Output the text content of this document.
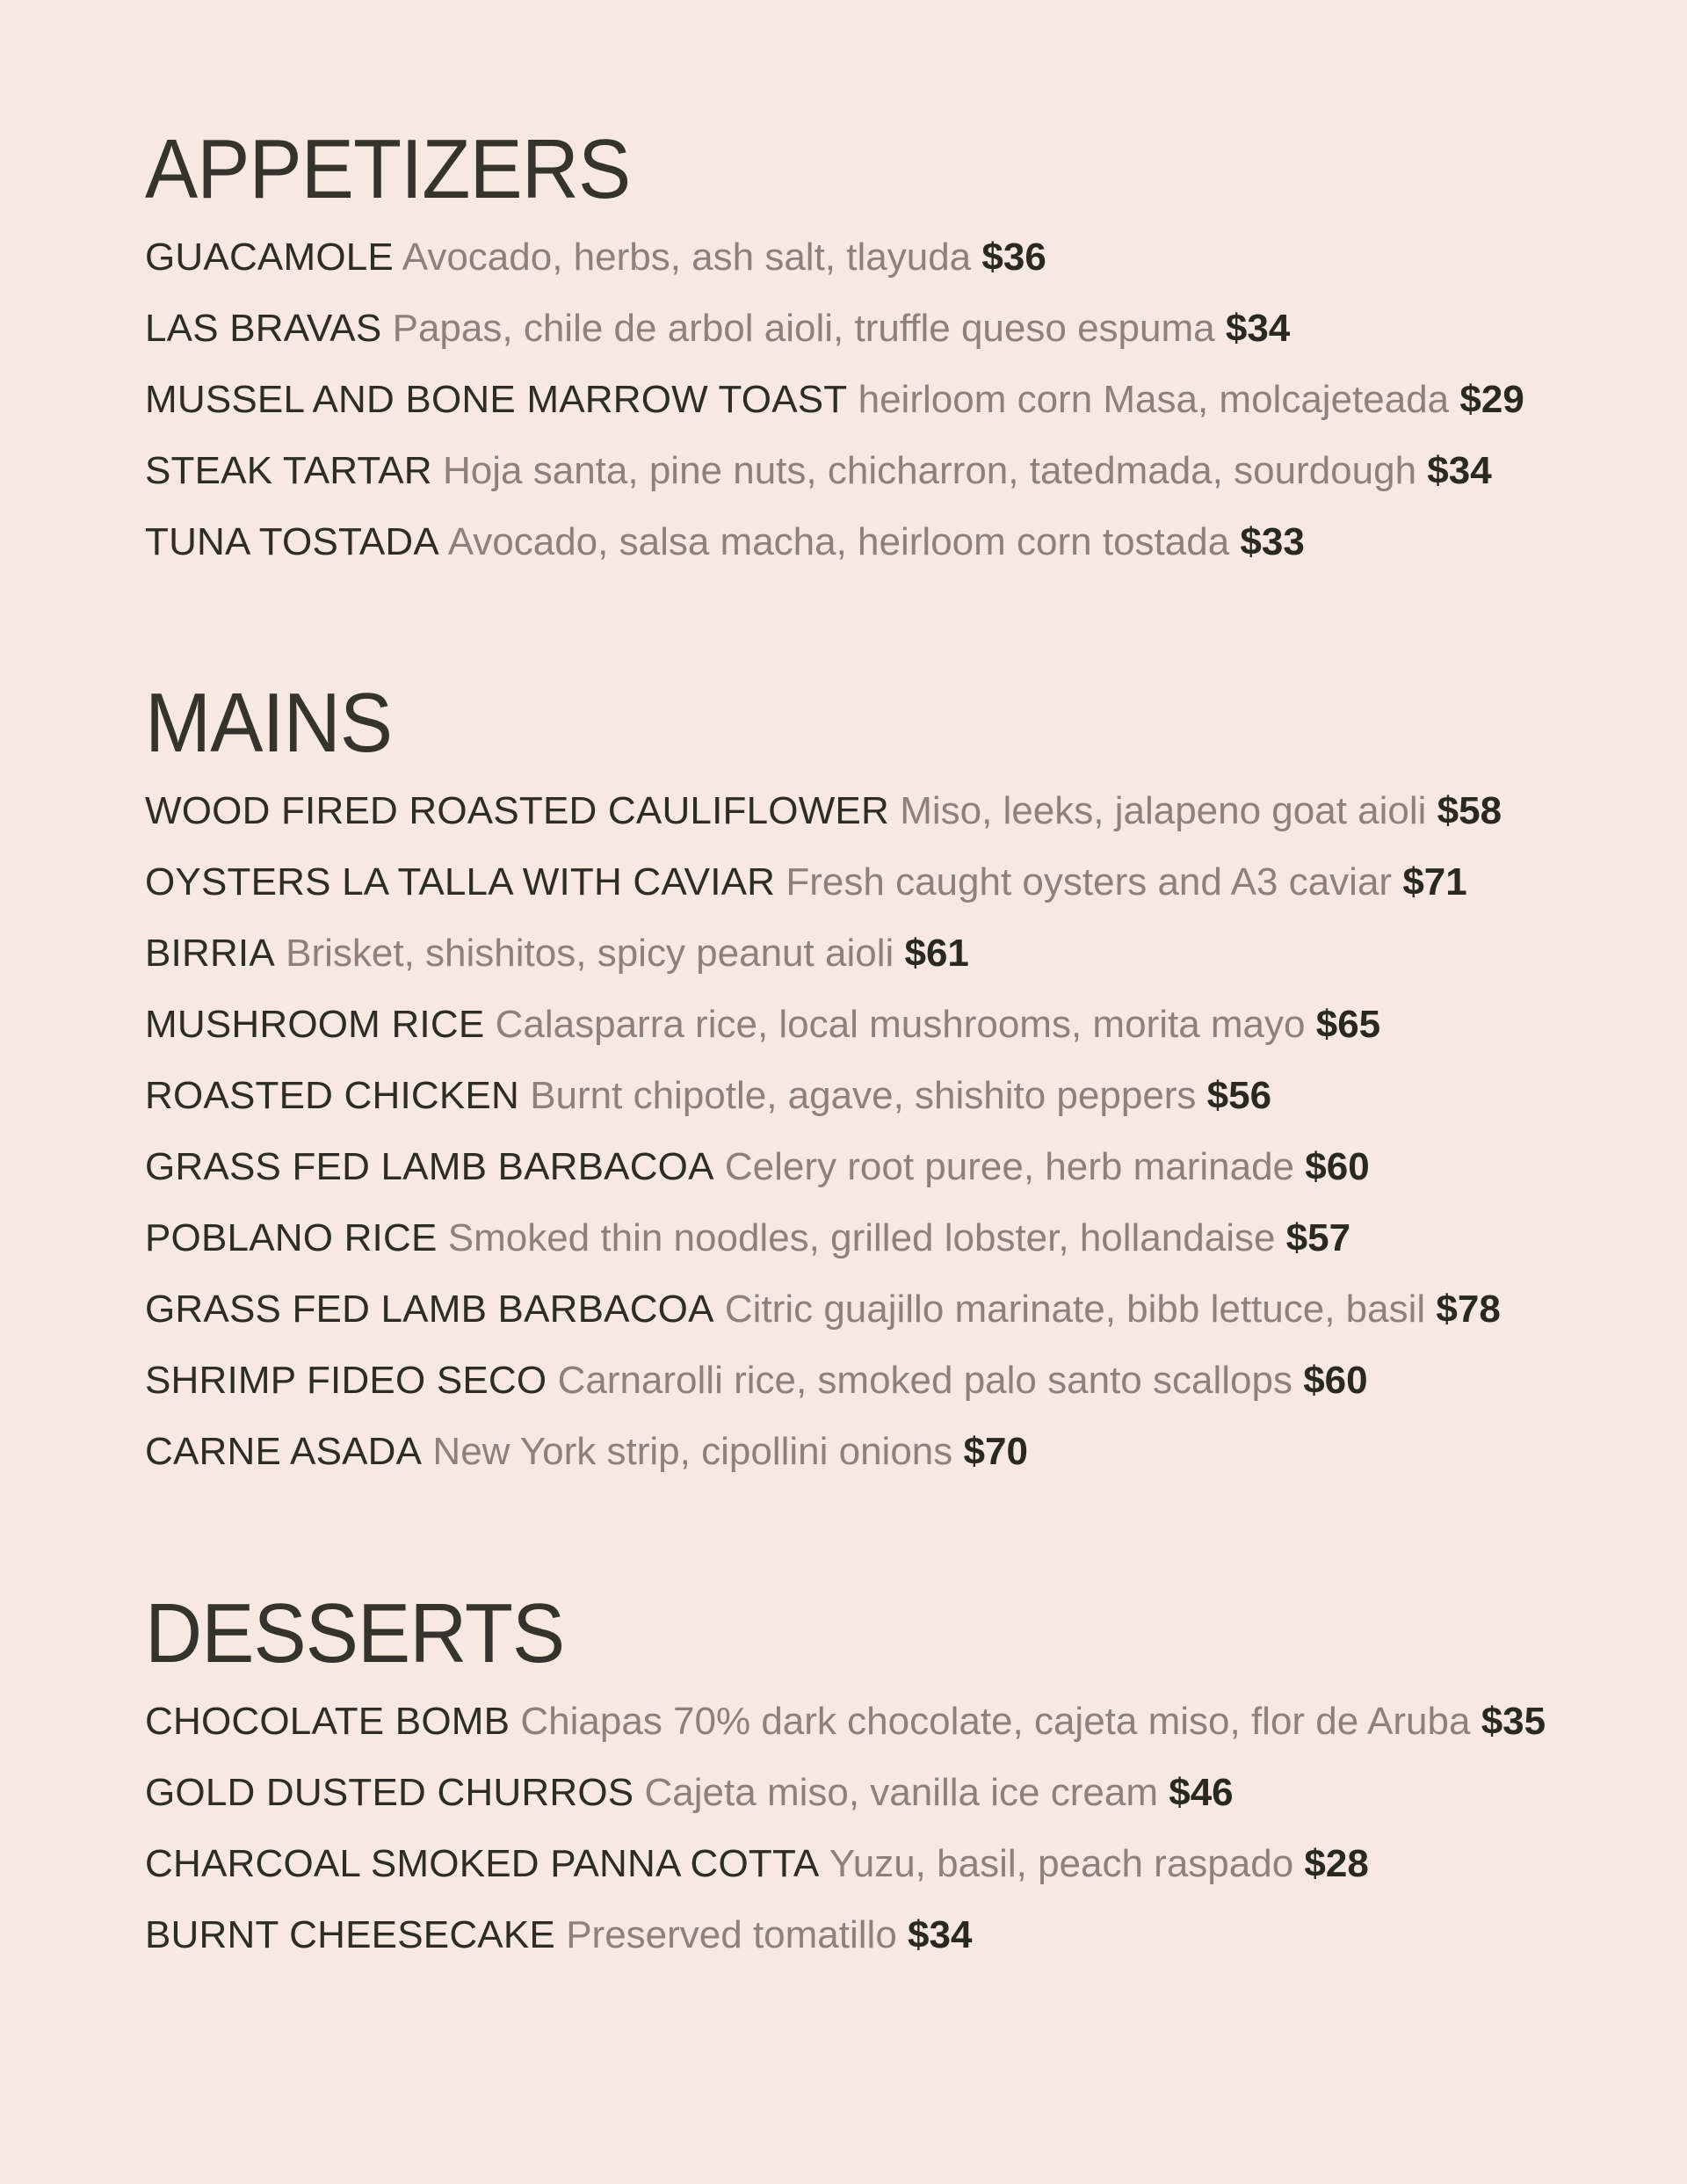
APPETIZERS
GUACAMOLE Avocado, herbs, ash salt, tlayuda $36
LAS BRAVAS Papas, chile de arbol aioli, truffle queso espuma $34
MUSSEL AND BONE MARROW TOAST heirloom corn Masa, molcajeteada $29
STEAK TARTAR Hoja santa, pine nuts, chicharron, tatedmada, sourdough $34
TUNA TOSTADA Avocado, salsa macha, heirloom corn tostada $33
MAINS
WOOD FIRED ROASTED CAULIFLOWER Miso, leeks, jalapeno goat aioli $58
OYSTERS LA TALLA WITH CAVIAR Fresh caught oysters and A3 caviar $71
BIRRIA Brisket, shishitos, spicy peanut aioli $61
MUSHROOM RICE Calasparra rice, local mushrooms, morita mayo $65
ROASTED CHICKEN Burnt chipotle, agave, shishito peppers $56
GRASS FED LAMB BARBACOA Celery root puree, herb marinade $60
POBLANO RICE Smoked thin noodles, grilled lobster, hollandaise $57
GRASS FED LAMB BARBACOA Citric guajillo marinate, bibb lettuce, basil $78
SHRIMP FIDEO SECO Carnarolli rice, smoked palo santo scallops $60
CARNE ASADA New York strip, cipollini onions $70
DESSERTS
CHOCOLATE BOMB Chiapas 70% dark chocolate, cajeta miso, flor de Aruba $35
GOLD DUSTED CHURROS Cajeta miso, vanilla ice cream $46
CHARCOAL SMOKED PANNA COTTA Yuzu, basil, peach raspado $28
BURNT CHEESECAKE Preserved tomatillo $34
